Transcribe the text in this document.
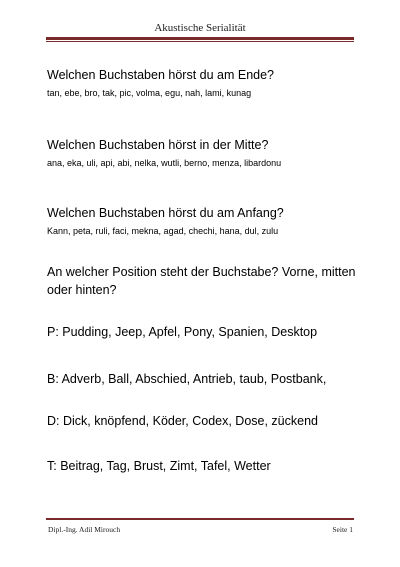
Akustische Serialität

Welchen Buchstaben hörst du am Ende?

tan, ebe, bro, tak, pic, volma, egu, nah, lami, kunag

Welchen Buchstaben hörst in der Mitte?

ana, eka, uli, api, abi, nelka, wutli, berno, menza, libardonu

Welchen Buchstaben hörst du am Anfang?

Kann, peta, ruli, faci, mekna, agad, chechi, hana, dul, zulu

An welcher Position steht der Buchstabe? Vorne, mitten oder hinten?
P: Pudding, Jeep, Apfel, Pony, Spanien, Desktop
B: Adverb, Ball, Abschied, Antrieb, taub, Postbank,
D: Dick, knöpfend, Köder, Codex, Dose, zückend
T: Beitrag, Tag, Brust, Zimt, Tafel, Wetter
Dipl.-Ing. Adil Mirouch	Seite 1
